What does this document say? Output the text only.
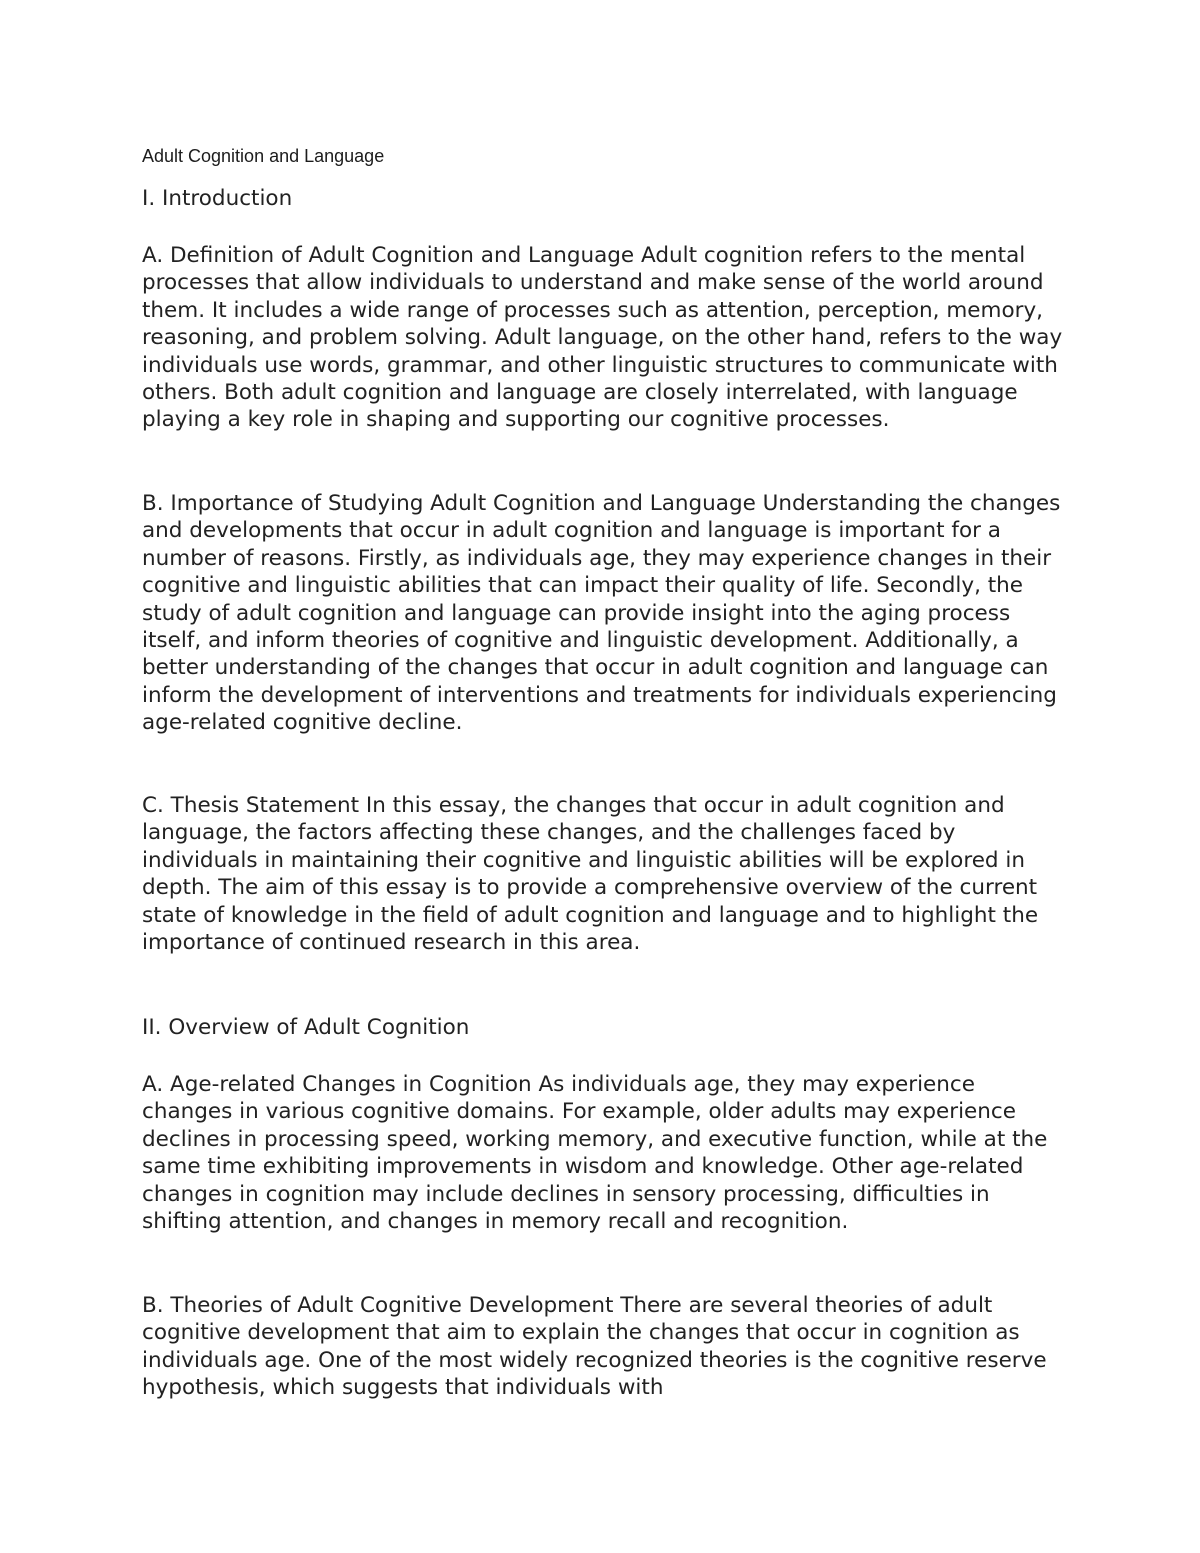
Adult Cognition and Language
I. Introduction

A. Definition of Adult Cognition and Language Adult cognition refers to the mental processes that allow individuals to understand and make sense of the world around them. It includes a wide range of processes such as attention, perception, memory, reasoning, and problem solving. Adult language, on the other hand, refers to the way individuals use words, grammar, and other linguistic structures to communicate with others. Both adult cognition and language are closely interrelated, with language playing a key role in shaping and supporting our cognitive processes.

B. Importance of Studying Adult Cognition and Language Understanding the changes and developments that occur in adult cognition and language is important for a number of reasons. Firstly, as individuals age, they may experience changes in their cognitive and linguistic abilities that can impact their quality of life. Secondly, the study of adult cognition and language can provide insight into the aging process itself, and inform theories of cognitive and linguistic development. Additionally, a better understanding of the changes that occur in adult cognition and language can inform the development of interventions and treatments for individuals experiencing age-related cognitive decline.

C. Thesis Statement In this essay, the changes that occur in adult cognition and language, the factors affecting these changes, and the challenges faced by individuals in maintaining their cognitive and linguistic abilities will be explored in depth. The aim of this essay is to provide a comprehensive overview of the current state of knowledge in the field of adult cognition and language and to highlight the importance of continued research in this area.

II. Overview of Adult Cognition

A. Age-related Changes in Cognition As individuals age, they may experience changes in various cognitive domains. For example, older adults may experience declines in processing speed, working memory, and executive function, while at the same time exhibiting improvements in wisdom and knowledge. Other age-related changes in cognition may include declines in sensory processing, difficulties in shifting attention, and changes in memory recall and recognition.

B. Theories of Adult Cognitive Development There are several theories of adult cognitive development that aim to explain the changes that occur in cognition as individuals age. One of the most widely recognized theories is the cognitive reserve hypothesis, which suggests that individuals with
